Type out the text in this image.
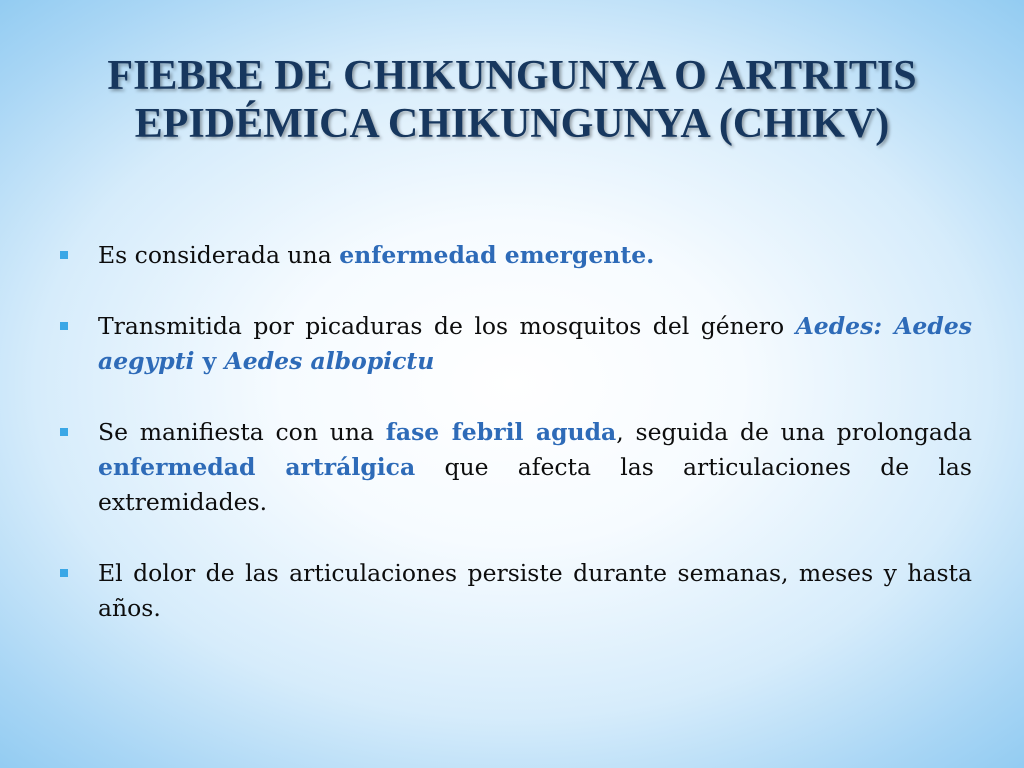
FIEBRE DE CHIKUNGUNYA O ARTRITIS
EPIDÉMICA CHIKUNGUNYA (CHIKV)
Es considerada una enfermedad emergente.
Transmitida por picaduras de los mosquitos del género Aedes: Aedes aegypti y Aedes albopictu
Se manifiesta con una fase febril aguda, seguida de una prolongada enfermedad artrálgica que afecta las articulaciones de las extremidades.
El dolor de las articulaciones persiste durante semanas, meses y hasta años.
